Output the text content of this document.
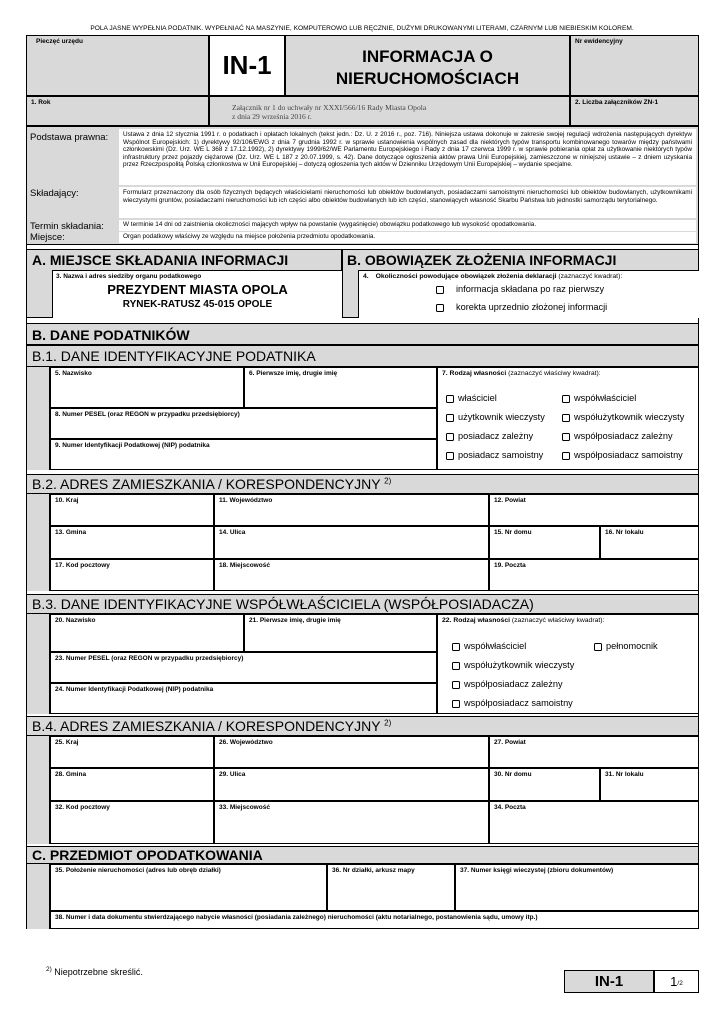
POLA JASNE WYPEŁNIA PODATNIK. WYPEŁNIAĆ NA MASZYNIE, KOMPUTEROWO LUB RĘCZNIE, DUŻYMI DRUKOWANYMI LITERAMI, CZARNYM LUB NIEBIESKIM KOLOREM.
Pieczęć urzędu
IN-1	INFORMACJA O
NIERUCHOMOŚCIACH
Nr ewidencyjny
1. Rok
Załącznik nr 1 do uchwały nr XXXI/566/16 Rady Miasta Opola
z dnia 29 września 2016 r.
2. Liczba załączników ZN-1
Podstawa prawna:	Ustawa z dnia 12 stycznia 1991 r. o podatkach i opłatach lokalnych (tekst jedn.: Dz. U. z 2016 r., poz. 716). Niniejsza ustawa dokonuje w zakresie swojej regulacji wdrożenia następujących dyrektyw Wspólnot Europejskich: 1) dyrektywy 92/106/EWG z dnia 7 grudnia 1992 r. w sprawie ustanowienia wspólnych zasad dla niektórych typów transportu kombinowanego towarów między państwami członkowskimi (Dz. Urz. WE L 368 z 17.12.1992), 2) dyrektywy 1999/62/WE Parlamentu Europejskiego i Rady z dnia 17 czerwca 1999 r. w sprawie pobierania opłat za użytkowanie niektórych typów infrastruktury przez pojazdy ciężarowe (Dz. Urz. WE L 187 z 20.07.1999, s. 42). Dane dotyczące ogłoszenia aktów prawa Unii Europejskiej, zamieszczone w niniejszej ustawie – z dniem uzyskania przez Rzeczpospolitą Polską członkostwa w Unii Europejskiej – dotyczą ogłoszenia tych aktów w Dzienniku Urzędowym Unii Europejskiej – wydanie specjalne.
Składający:	Formularz przeznaczony dla osób fizycznych będących właścicielami nieruchomości lub obiektów budowlanych, posiadaczami samoistnymi nieruchomości lub obiektów budowlanych, użytkownikami wieczystymi gruntów, posiadaczami nieruchomości lub ich części albo obiektów budowlanych lub ich części, stanowiących własność Skarbu Państwa lub jednostki samorządu terytorialnego.
Termin składania:	W terminie 14 dni od zaistnienia okoliczności mających wpływ na powstanie (wygaśnięcie) obowiązku podatkowego lub wysokość opodatkowania.
Miejsce:	Organ podatkowy właściwy ze względu na miejsce położenia przedmiotu opodatkowania.
A. MIEJSCE SKŁADANIA INFORMACJI
3. Nazwa i adres siedziby organu podatkowego
PREZYDENT MIASTA OPOLA
RYNEK-RATUSZ 45-015 OPOLE
B. OBOWIĄZEK ZŁOŻENIA INFORMACJI
4. Okoliczności powodujące obowiązek złożenia deklaracji (zaznaczyć kwadrat):
informacja składana po raz pierwszy
korekta uprzednio złożonej informacji
B. DANE PODATNIKÓW
B.1. DANE IDENTYFIKACYJNE PODATNIKA
5. Nazwisko	6. Pierwsze imię, drugie imię	7. Rodzaj własności (zaznaczyć właściwy kwadrat):
właściciel	współwłaściciel
użytkownik wieczysty	współużytkownik wieczysty
posiadacz zależny	współposiadacz zależny
posiadacz samoistny	współposiadacz samoistny
8. Numer PESEL (oraz REGON w przypadku przedsiębiorcy)
9. Numer Identyfikacji Podatkowej (NIP) podatnika
B.2. ADRES ZAMIESZKANIA / KORESPONDENCYJNY $^{2)}$
10. Kraj	11. Województwo	12. Powiat
13. Gmina	14. Ulica	15. Nr domu	16. Nr lokalu
17. Kod pocztowy	18. Miejscowość	19. Poczta
B.3. DANE IDENTYFIKACYJNE WSPÓŁWŁAŚCICIELA (WSPÓŁPOSIADACZA)
20. Nazwisko	21. Pierwsze imię, drugie imię	22. Rodzaj własności (zaznaczyć właściwy kwadrat):
współwłaściciel	pełnomocnik
współużytkownik wieczysty
współposiadacz zależny
współposiadacz samoistny
23. Numer PESEL (oraz REGON w przypadku przedsiębiorcy)
24. Numer Identyfikacji Podatkowej (NIP) podatnika
B.4. ADRES ZAMIESZKANIA / KORESPONDENCYJNY $^{2)}$
25. Kraj	26. Województwo	27. Powiat
28. Gmina	29. Ulica	30. Nr domu	31. Nr lokalu
32. Kod pocztowy	33. Miejscowość	34. Poczta
C. PRZEDMIOT OPODATKOWANIA
35. Położenie nieruchomości (adres lub obręb działki)	36. Nr działki, arkusz mapy	37. Numer księgi wieczystej (zbioru dokumentów)
38. Numer i data dokumentu stwierdzającego nabycie własności (posiadania zależnego) nieruchomości (aktu notarialnego, postanowienia sądu, umowy itp.)
$^{2)}$ Niepotrzebne skreślić.
IN-1	1 /2
